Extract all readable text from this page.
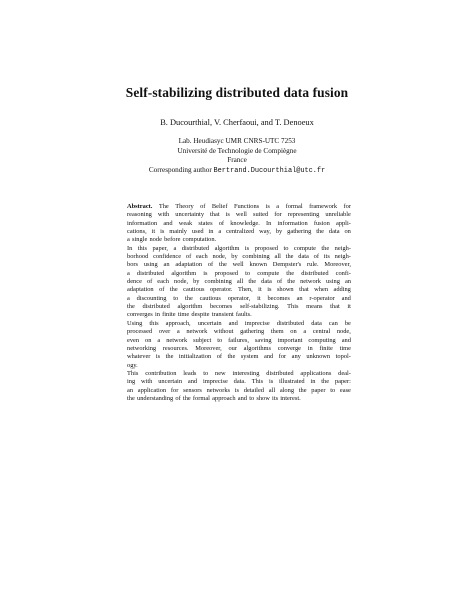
Self-stabilizing distributed data fusion
B. Ducourthial, V. Cherfaoui, and T. Denoeux
Lab. Heudiasyc UMR CNRS-UTC 7253
Université de Technologie de Compiègne
France
Corresponding author Bertrand.Ducourthial@utc.fr
Abstract. The Theory of Belief Functions is a formal framework for
reasoning with uncertainty that is well suited for representing unreliable
information and weak states of knowledge. In information fusion appli-
cations, it is mainly used in a centralized way, by gathering the data on
a single node before computation.
In this paper, a distributed algorithm is proposed to compute the neigh-
borhood confidence of each node, by combining all the data of its neigh-
bors using an adaptation of the well known Dempster's rule. Moreover,
a distributed algorithm is proposed to compute the distributed confi-
dence of each node, by combining all the data of the network using an
adaptation of the cautious operator. Then, it is shown that when adding
a discounting to the cautious operator, it becomes an r-operator and
the distributed algorithm becomes self-stabilizing. This means that it
converges in finite time despite transient faults.
Using this approach, uncertain and imprecise distributed data can be
processed over a network without gathering them on a central node,
even on a network subject to failures, saving important computing and
networking resources. Moreover, our algorithms converge in finite time
whatever is the initialization of the system and for any unknown topol-
ogy.
This contribution leads to new interesting distributed applications deal-
ing with uncertain and imprecise data. This is illustrated in the paper:
an application for sensors networks is detailed all along the paper to ease
the understanding of the formal approach and to show its interest.
